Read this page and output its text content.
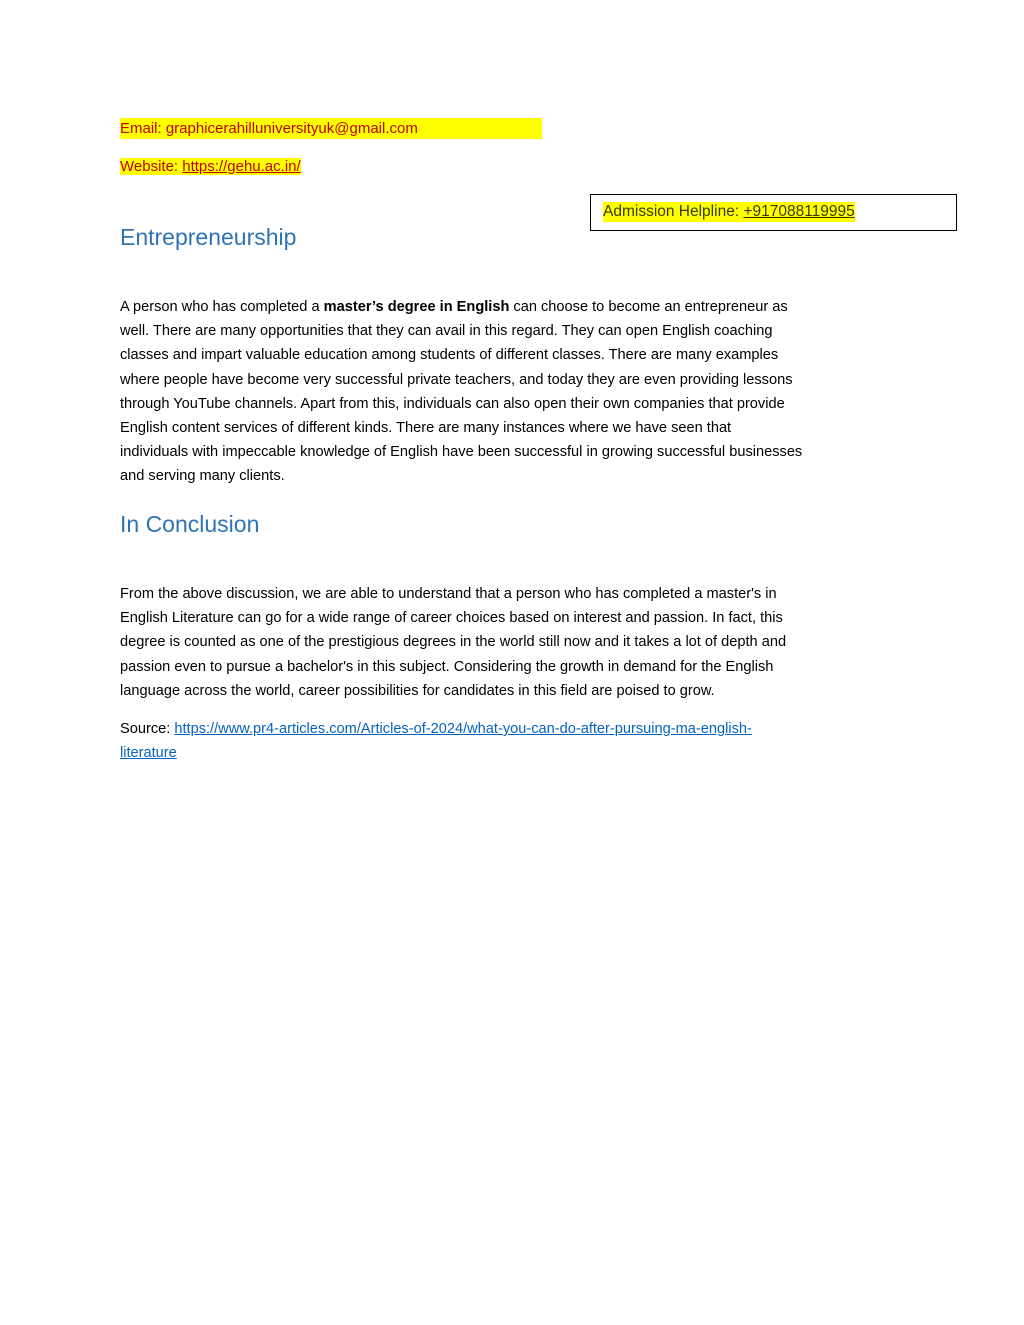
Email: graphicerahilluniversityuk@gmail.com
Website: https://gehu.ac.in/
Admission Helpline: +917088119995
Entrepreneurship
A person who has completed a master’s degree in English can choose to become an entrepreneur as
well. There are many opportunities that they can avail in this regard. They can open English coaching
classes and impart valuable education among students of different classes. There are many examples
where people have become very successful private teachers, and today they are even providing lessons
through YouTube channels. Apart from this, individuals can also open their own companies that provide
English content services of different kinds. There are many instances where we have seen that
individuals with impeccable knowledge of English have been successful in growing successful businesses
and serving many clients.
In Conclusion
From the above discussion, we are able to understand that a person who has completed a master's in
English Literature can go for a wide range of career choices based on interest and passion. In fact, this
degree is counted as one of the prestigious degrees in the world still now and it takes a lot of depth and
passion even to pursue a bachelor's in this subject. Considering the growth in demand for the English
language across the world, career possibilities for candidates in this field are poised to grow.
Source: https://www.pr4-articles.com/Articles-of-2024/what-you-can-do-after-pursuing-ma-english-
literature
